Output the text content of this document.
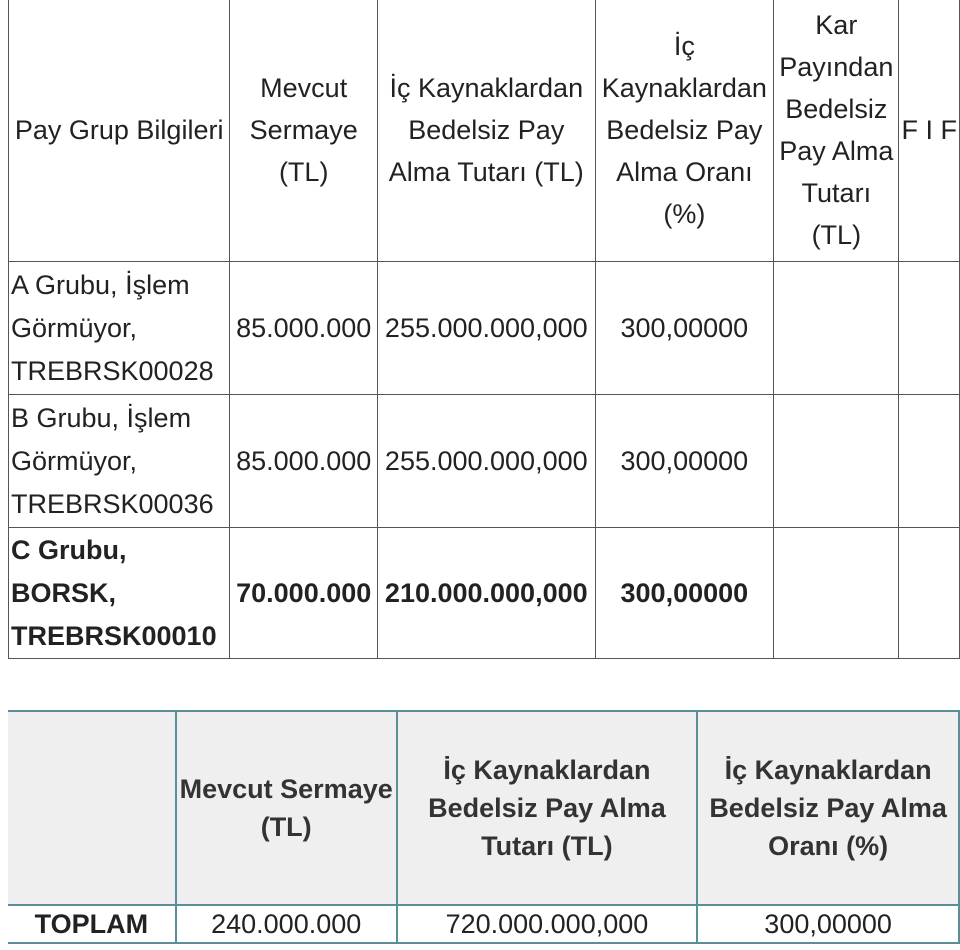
Pay Grup Bilgileri	Mevcut Sermaye (TL)	İç Kaynaklardan Bedelsiz Pay Alma Tutarı (TL)	İç Kaynaklardan Bedelsiz Pay Alma Oranı (%)	Kar Payından Bedelsiz Pay Alma Tutarı (TL)	F I F
A Grubu, İşlem Görmüyor, TREBRSK00028	85.000.000	255.000.000,000	300,00000		
B Grubu, İşlem Görmüyor, TREBRSK00036	85.000.000	255.000.000,000	300,00000		
C Grubu, BORSK, TREBRSK00010	70.000.000	210.000.000,000	300,00000		
	Mevcut Sermaye (TL)	İç Kaynaklardan Bedelsiz Pay Alma Tutarı (TL)	İç Kaynaklardan Bedelsiz Pay Alma Oranı (%)
TOPLAM	240.000.000	720.000.000,000	300,00000
